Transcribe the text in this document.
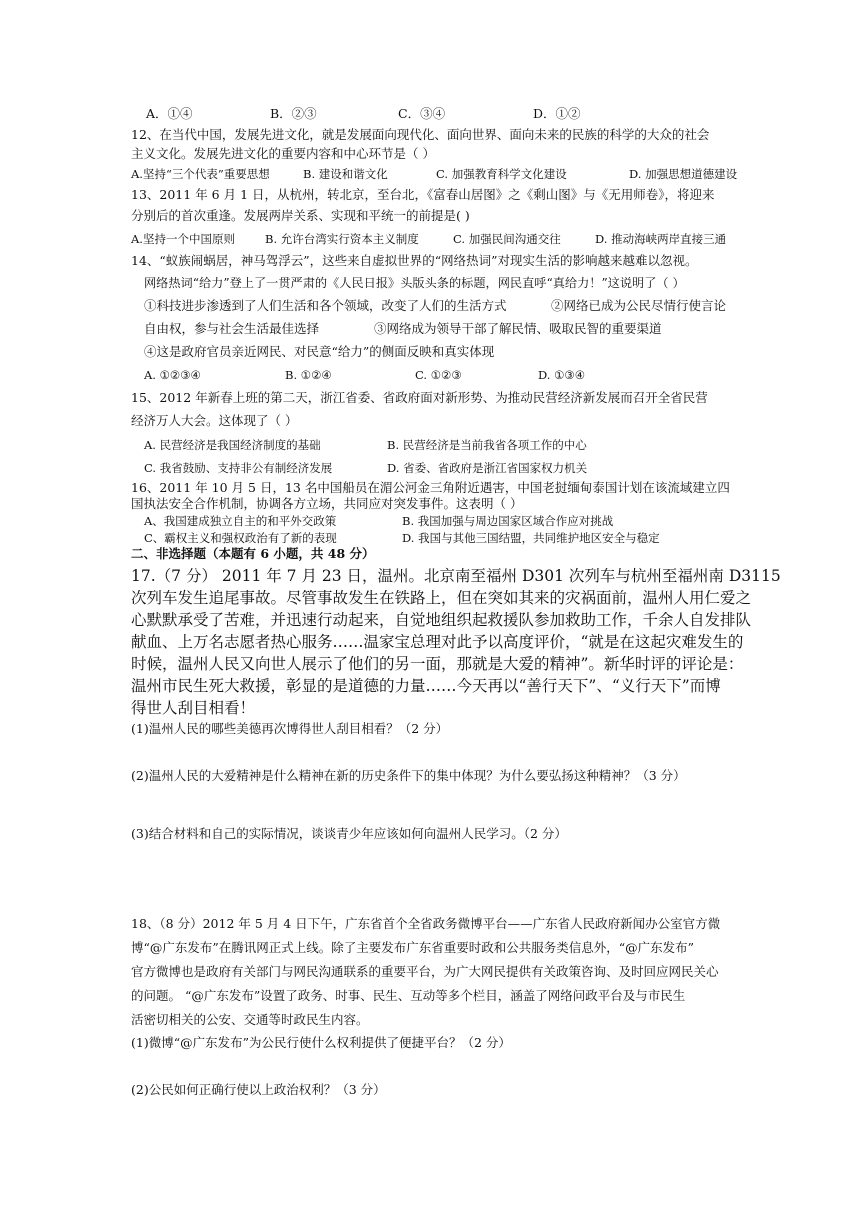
A．①④	B．②③	C．③④	D．①②
12、在当代中国，发展先进文化，就是发展面向现代化、面向世界、面向未来的民族的科学的大众的社会
主义文化。发展先进文化的重要内容和中心环节是（ ）
A.坚持“三个代表”重要思想	B. 建设和谐文化	C. 加强教育科学文化建设	D. 加强思想道德建设
13、2011 年 6 月 1 日，从杭州，转北京，至台北，《富春山居图》之《剩山图》与《无用师卷》，将迎来
分别后的首次重逢。发展两岸关系、实现和平统一的前提是( )
A.坚持一个中国原则	B. 允许台湾实行资本主义制度	C. 加强民间沟通交往	D. 推动海峡两岸直接三通
14、“蚁族闹蜗居，神马驾浮云”，这些来自虚拟世界的“网络热词”对现实生活的影响越来越难以忽视。
网络热词“给力”登上了一贯严肃的《人民日报》头版头条的标题，网民直呼“真给力！”这说明了（ ）
①科技进步渗透到了人们生活和各个领域，改变了人们的生活方式	②网络已成为公民尽情行使言论
自由权，参与社会生活最佳选择	③网络成为领导干部了解民情、吸取民智的重要渠道
④这是政府官员亲近网民、对民意“给力”的侧面反映和真实体现
A. ①②③④	B. ①②④	C. ①②③	D. ①③④
15、2012 年新春上班的第二天，浙江省委、省政府面对新形势、为推动民营经济新发展而召开全省民营
经济万人大会。这体现了（ ）
A. 民营经济是我国经济制度的基础	B. 民营经济是当前我省各项工作的中心
C. 我省鼓励、支持非公有制经济发展	D. 省委、省政府是浙江省国家权力机关
16、2011 年 10 月 5 日，13 名中国船员在湄公河金三角附近遇害，中国老挝缅甸泰国计划在该流域建立四
国执法安全合作机制，协调各方立场，共同应对突发事件。这表明（ ）
A、我国建成独立自主的和平外交政策	B. 我国加强与周边国家区域合作应对挑战
C、霸权主义和强权政治有了新的表现	D. 我国与其他三国结盟，共同维护地区安全与稳定
二、非选择题（本题有 6 小题，共 48 分）
17.（7 分） 2011 年 7 月 23 日，温州。北京南至福州 D301 次列车与杭州至福州南 D3115
次列车发生追尾事故。尽管事故发生在铁路上，但在突如其来的灾祸面前，温州人用仁爱之
心默默承受了苦难，并迅速行动起来，自觉地组织起救援队参加救助工作，千余人自发排队
献血、上万名志愿者热心服务……温家宝总理对此予以高度评价，“就是在这起灾难发生的
时候，温州人民又向世人展示了他们的另一面，那就是大爱的精神”。新华时评的评论是：
温州市民生死大救援，彰显的是道德的力量……今天再以“善行天下”、“义行天下”而博
得世人刮目相看！
(1)温州人民的哪些美德再次博得世人刮目相看？（2 分）
(2)温州人民的大爱精神是什么精神在新的历史条件下的集中体现？为什么要弘扬这种精神？（3 分）
(3)结合材料和自己的实际情况，谈谈青少年应该如何向温州人民学习。（2 分）
18、（8 分）2012 年 5 月 4 日下午，广东省首个全省政务微博平台——广东省人民政府新闻办公室官方微
博“@广东发布”在腾讯网正式上线。除了主要发布广东省重要时政和公共服务类信息外，“@广东发布”
官方微博也是政府有关部门与网民沟通联系的重要平台，为广大网民提供有关政策咨询、及时回应网民关心
的问题。 “@广东发布”设置了政务、时事、民生、互动等多个栏目，涵盖了网络问政平台及与市民生
活密切相关的公安、交通等时政民生内容。
(1)微博“@广东发布”为公民行使什么权利提供了便捷平台？（2 分）
(2)公民如何正确行使以上政治权利？（3 分）
